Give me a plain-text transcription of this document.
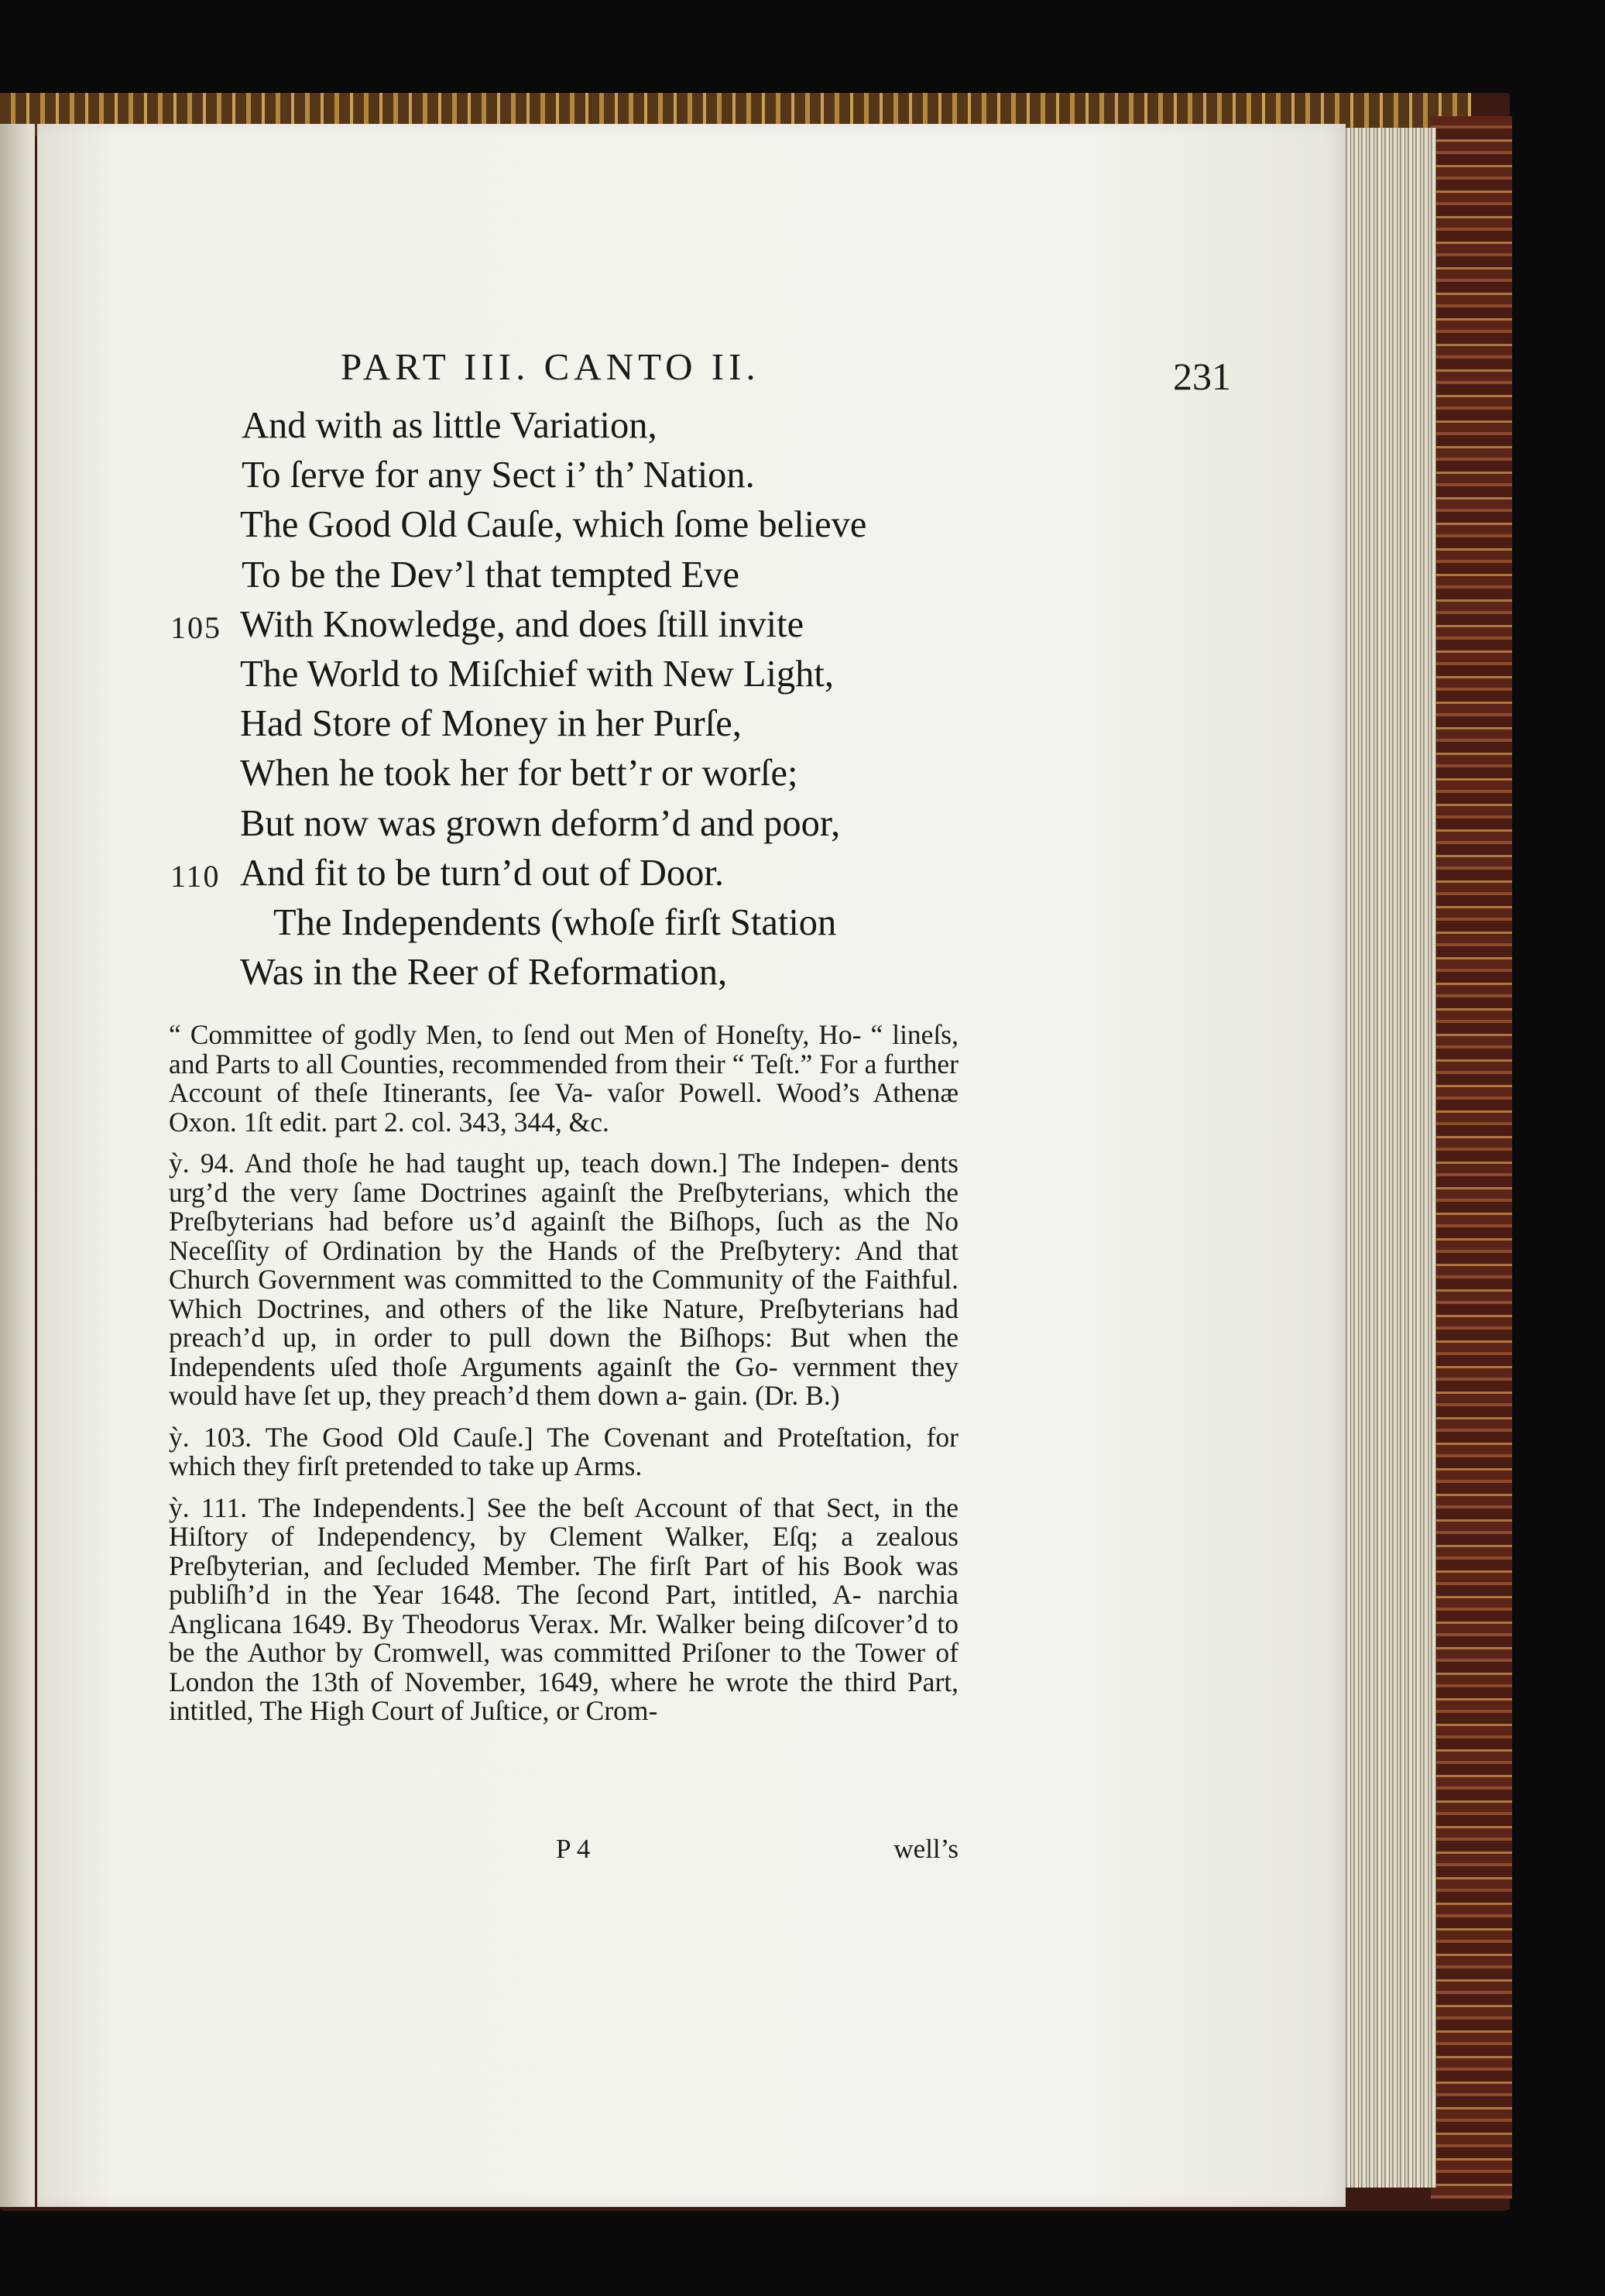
PART III. CANTO II.	231
And with as little Variation,
To ſerve for any Sect i’ th’ Nation.
The Good Old Cauſe, which ſome believe
To be the Dev’l that tempted Eve
105 With Knowledge, and does ſtill invite
The World to Miſchief with New Light,
Had Store of Money in her Purſe,
When he took her for bett’r or worſe;
But now was grown deform’d and poor,
110 And fit to be turn’d out of Door.
The Independents (whoſe firſt Station
Was in the Reer of Reformation,

“ Committee of godly Men, to ſend out Men of Honeſty, Ho- “ lineſs, and Parts to all Counties, recommended from their “ Teſt.” For a further Account of theſe Itinerants, ſee Va- vaſor Powell. Wood’s Athenæ Oxon. 1ſt edit. part 2. col. 343, 344, &c.

ỳ. 94. And thoſe he had taught up, teach down.] The Indepen- dents urg’d the very ſame Doctrines againſt the Preſbyterians, which the Preſbyterians had before us’d againſt the Biſhops, ſuch as the No Neceſſity of Ordination by the Hands of the Preſbytery: And that Church Government was committed to the Community of the Faithful. Which Doctrines, and others of the like Nature, Preſbyterians had preach’d up, in order to pull down the Biſhops: But when the Independents uſed thoſe Arguments againſt the Go- vernment they would have ſet up, they preach’d them down a- gain. (Dr. B.)

ỳ. 103. The Good Old Cauſe.] The Covenant and Proteſtation, for which they firſt pretended to take up Arms.

ỳ. 111. The Independents.] See the beſt Account of that Sect, in the Hiſtory of Independency, by Clement Walker, Eſq; a zealous Preſbyterian, and ſecluded Member. The firſt Part of his Book was publiſh’d in the Year 1648. The ſecond Part, intitled, A- narchia Anglicana 1649. By Theodorus Verax. Mr. Walker being diſcover’d to be the Author by Cromwell, was committed Priſoner to the Tower of London the 13th of November, 1649, where he wrote the third Part, intitled, The High Court of Juſtice, or Crom-

P 4	well’s
